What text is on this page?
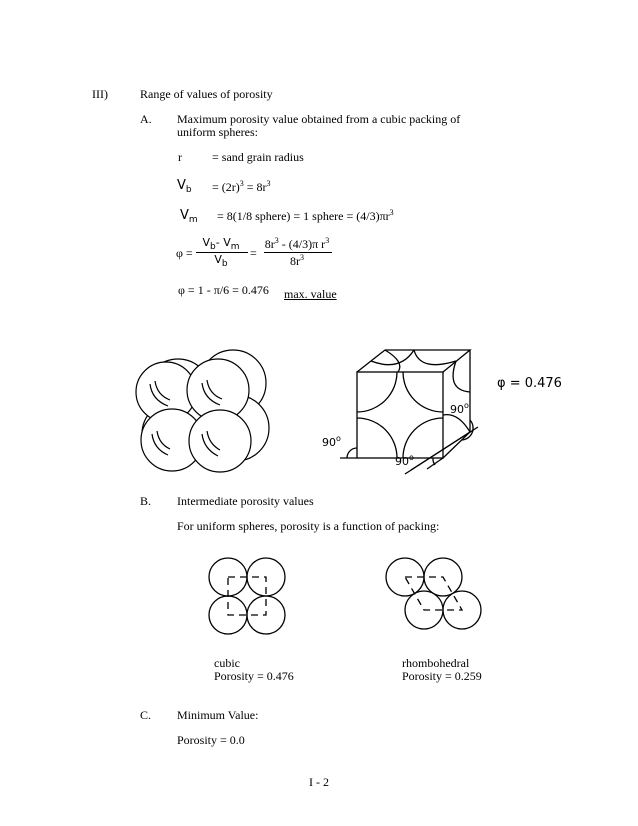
III)	Range of values of porosity
A. Maximum porosity value obtained from a cubic packing of
uniform spheres:
r	= sand grain radius
$V_b = (2r)^3 = 8r^3$
$V_m = 8(1/8$ sphere) = 1 sphere = $(4/3)\pi r^3$
φ =
$V_b-$ $V_m$
$V_b$
=
$8r^3 - (4/3)\pi$ $r^3$
$8r^3$
φ = 1 - π/6 = 0.476 max. value
90$^o$
90$^o$
90$^o$
φ = 0.476
B. Intermediate porosity values
For uniform spheres, porosity is a function of packing:
cubic
Porosity = 0.476
rhombohedral
Porosity = 0.259
C. Minimum Value:
Porosity = 0.0
I - 2
